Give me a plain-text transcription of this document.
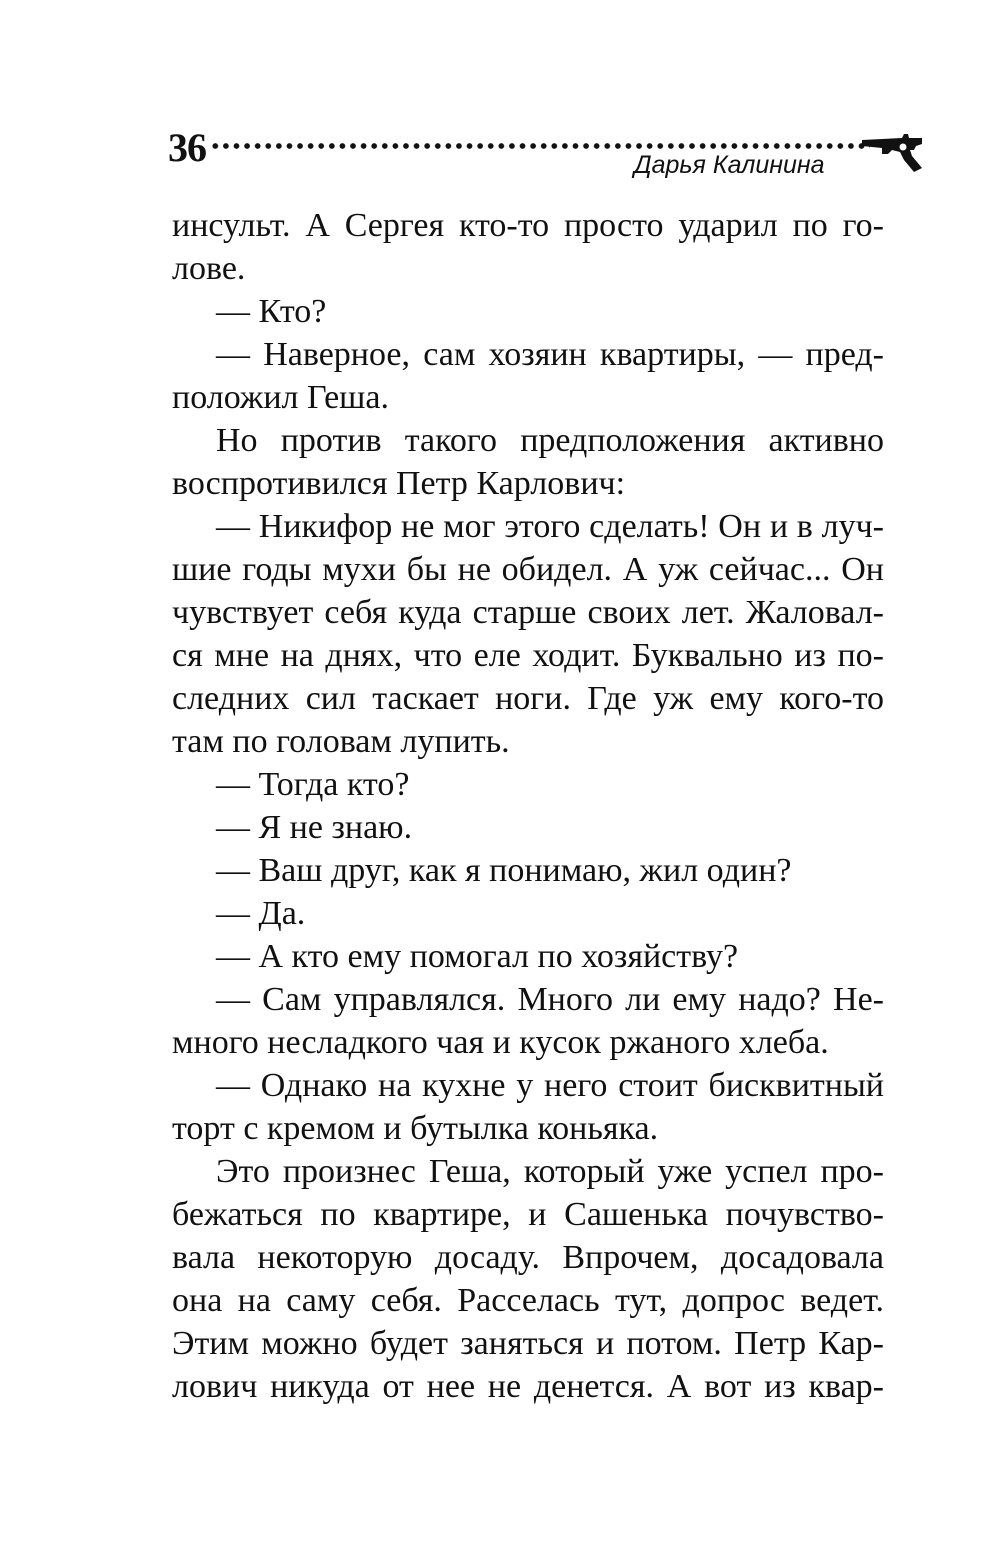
36	Дарья Калинина
инсульт. А Сергея кто-то просто ударил по го-
лове.
— Кто?
— Наверное, сам хозяин квартиры, — пред-
положил Геша.
Но против такого предположения активно
воспротивился Петр Карлович:
— Никифор не мог этого сделать! Он и в луч-
шие годы мухи бы не обидел. А уж сейчас... Он
чувствует себя куда старше своих лет. Жаловал-
ся мне на днях, что еле ходит. Буквально из по-
следних сил таскает ноги. Где уж ему кого-то
там по головам лупить.
— Тогда кто?
— Я не знаю.
— Ваш друг, как я понимаю, жил один?
— Да.
— А кто ему помогал по хозяйству?
— Сам управлялся. Много ли ему надо? Не-
много несладкого чая и кусок ржаного хлеба.
— Однако на кухне у него стоит бисквитный
торт с кремом и бутылка коньяка.
Это произнес Геша, который уже успел про-
бежаться по квартире, и Сашенька почувство-
вала некоторую досаду. Впрочем, досадовала
она на саму себя. Расселась тут, допрос ведет.
Этим можно будет заняться и потом. Петр Кар-
лович никуда от нее не денется. А вот из квар-
